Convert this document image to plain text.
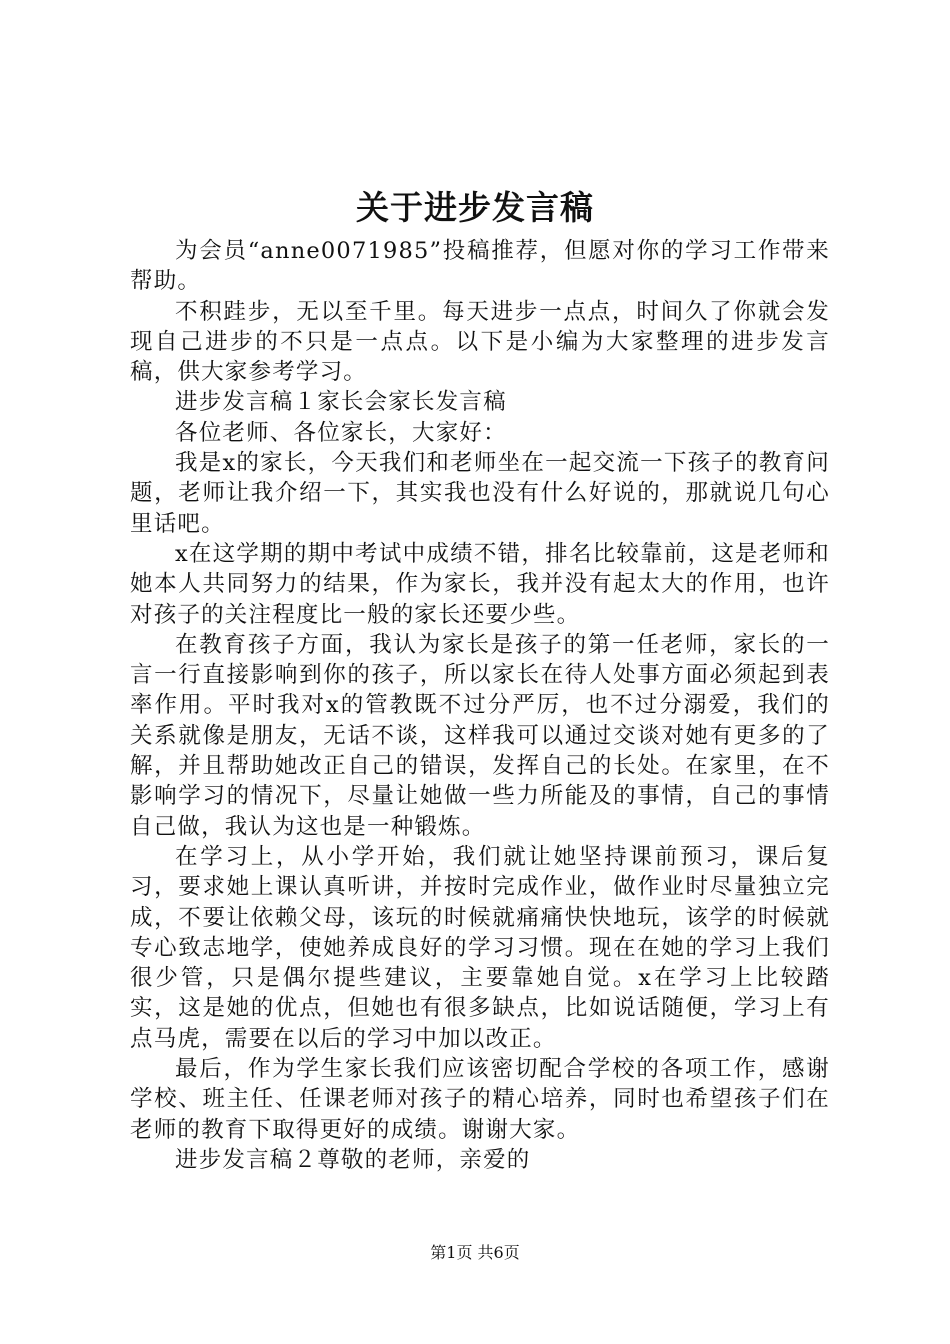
关于进步发言稿

为会员“anne0071985”投稿推荐，但愿对你的学习工作带来帮助。

不积跬步，无以至千里。每天进步一点点，时间久了你就会发现自己进步的不只是一点点。以下是小编为大家整理的进步发言稿，供大家参考学习。

进步发言稿１家长会家长发言稿

各位老师、各位家长，大家好：

我是x的家长，今天我们和老师坐在一起交流一下孩子的教育问题，老师让我介绍一下，其实我也没有什么好说的，那就说几句心里话吧。

x在这学期的期中考试中成绩不错，排名比较靠前，这是老师和她本人共同努力的结果，作为家长，我并没有起太大的作用，也许对孩子的关注程度比一般的家长还要少些。

在教育孩子方面，我认为家长是孩子的第一任老师，家长的一言一行直接影响到你的孩子，所以家长在待人处事方面必须起到表率作用。平时我对x的管教既不过分严厉，也不过分溺爱，我们的关系就像是朋友，无话不谈，这样我可以通过交谈对她有更多的了解，并且帮助她改正自己的错误，发挥自己的长处。在家里，在不影响学习的情况下，尽量让她做一些力所能及的事情，自己的事情自己做，我认为这也是一种锻炼。

在学习上，从小学开始，我们就让她坚持课前预习，课后复习，要求她上课认真听讲，并按时完成作业，做作业时尽量独立完成，不要让依赖父母，该玩的时候就痛痛快快地玩，该学的时候就专心致志地学，使她养成良好的学习习惯。现在在她的学习上我们很少管，只是偶尔提些建议，主要靠她自觉。x在学习上比较踏实，这是她的优点，但她也有很多缺点，比如说话随便，学习上有点马虎，需要在以后的学习中加以改正。

最后，作为学生家长我们应该密切配合学校的各项工作，感谢学校、班主任、任课老师对孩子的精心培养，同时也希望孩子们在老师的教育下取得更好的成绩。谢谢大家。

进步发言稿２尊敬的老师，亲爱的

第1页 共6页
